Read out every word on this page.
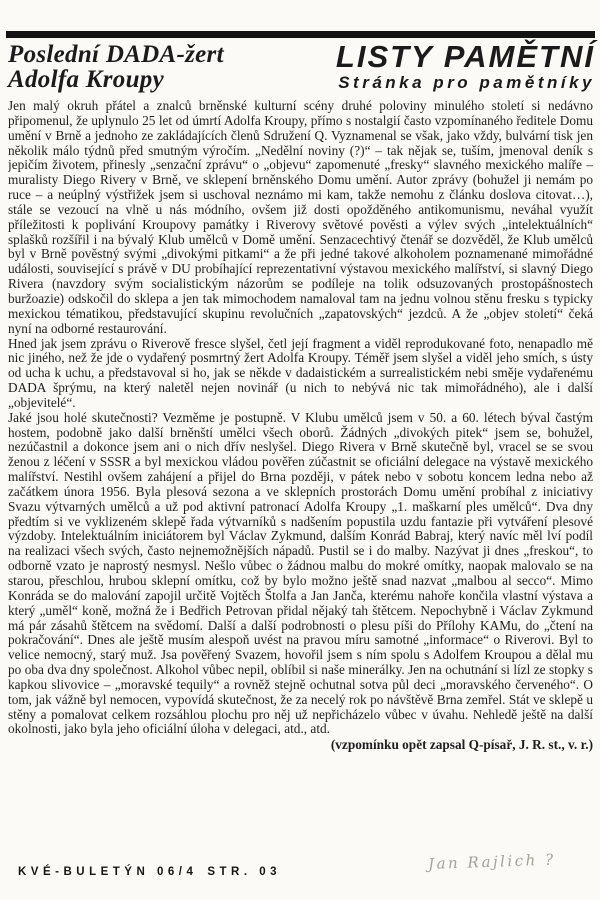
Poslední DADA-žert
Adolfa Kroupy
LISTY PAMĚTNÍ
Stránka pro pamětníky

Jen malý okruh přátel a znalců brněnské kulturní scény druhé poloviny minulého století si nedávno připomenul, že uplynulo 25 let od úmrtí Adolfa Kroupy, přímo s nostalgií často vzpomínaného ředitele Domu umění v Brně a jednoho ze zakládajících členů Sdružení Q. Vyznamenal se však, jako vždy, bulvární tisk jen několik málo týdnů před smutným výročím. „Nedělní noviny (?)“ – tak nějak se, tuším, jmenoval deník s jepičím životem, přinesly „senzační zprávu“ o „objevu“ zapomenuté „fresky“ slavného mexického malíře – muralisty Diego Rivery v Brně, ve sklepení brněnského Domu umění. Autor zprávy (bohužel ji nemám po ruce – a neúplný výstřižek jsem si uschoval neznámo mi kam, takže nemohu z článku doslova citovat…), stále se vezoucí na vlně u nás módního, ovšem již dosti opožděného antikomunismu, neváhal využít příležitosti k poplivání Kroupovy památky i Riverovy světové pověsti a výlev svých „intelektuálních“ splašků rozšířil i na bývalý Klub umělců v Domě umění. Senzacechtivý čtenář se dozvěděl, že Klub umělců byl v Brně pověstný svými „divokými pitkami“ a že při jedné takové alkoholem poznamenané mimořádné události, související s právě v DU probíhající reprezentativní výstavou mexického malířství, si slavný Diego Rivera (navzdory svým socialistickým názorům se podíleje na tolik odsuzovaných prostopášnostech buržoazie) odskočil do sklepa a jen tak mimochodem namaloval tam na jednu volnou stěnu fresku s typicky mexickou tématikou, představující skupinu revolučních „zapatovských“ jezdců. A že „objev století“ čeká nyní na odborné restaurování.

Hned jak jsem zprávu o Riverově fresce slyšel, četl její fragment a viděl reprodukované foto, nenapadlo mě nic jiného, než že jde o vydařený posmrtný žert Adolfa Kroupy. Téměř jsem slyšel a viděl jeho smích, s ústy od ucha k uchu, a představoval si ho, jak se někde v dadaistickém a surrealistickém nebi směje vydařenému DADA šprýmu, na který naletěl nejen novinář (u nich to nebývá nic tak mimořádného), ale i další „objevitelé“.

Jaké jsou holé skutečnosti? Vezměme je postupně. V Klubu umělců jsem v 50. a 60. létech býval častým hostem, podobně jako další brněnští umělci všech oborů. Žádných „divokých pitek“ jsem se, bohužel, nezúčastnil a dokonce jsem ani o nich dřív neslyšel. Diego Rivera v Brně skutečně byl, vracel se se svou ženou z léčení v SSSR a byl mexickou vládou pověřen zúčastnit se oficiální delegace na výstavě mexického malířství. Nestihl ovšem zahájení a přijel do Brna později, v pátek nebo v sobotu koncem ledna nebo až začátkem února 1956. Byla plesová sezona a ve sklepních prostorách Domu umění probíhal z iniciativy Svazu výtvarných umělců a už pod aktivní patronací Adolfa Kroupy „1. maškarní ples umělců“. Dva dny předtím si ve vyklizeném sklepě řada výtvarníků s nadšením popustila uzdu fantazie při vytváření plesové výzdoby. Intelektuálním iniciátorem byl Václav Zykmund, dalším Konrád Babraj, který navíc měl lví podíl na realizaci všech svých, často nejnemožnějších nápadů. Pustil se i do malby. Nazývat ji dnes „freskou“, to odborně vzato je naprostý nesmysl. Nešlo vůbec o žádnou malbu do mokré omítky, naopak malovalo se na starou, přeschlou, hrubou sklepní omítku, což by bylo možno ještě snad nazvat „malbou al secco“. Mimo Konráda se do malování zapojil určitě Vojtěch Štolfa a Jan Janča, kterému nahoře končila vlastní výstava a který „uměl“ koně, možná že i Bedřich Petrovan přidal nějaký tah štětcem. Nepochybně i Václav Zykmund má pár zásahů štětcem na svědomí. Další a další podrobnosti o plesu píši do Přílohy KAMu, do „čtení na pokračování“. Dnes ale ještě musím alespoň uvést na pravou míru samotné „informace“ o Riverovi. Byl to velice nemocný, starý muž. Jsa pověřený Svazem, hovořil jsem s ním spolu s Adolfem Kroupou a dělal mu po oba dva dny společnost. Alkohol vůbec nepil, oblíbil si naše minerálky. Jen na ochutnání si lízl ze stopky s kapkou slivovice – „moravské tequily“ a rovněž stejně ochutnal sotva půl deci „moravského červeného“. O tom, jak vážně byl nemocen, vypovídá skutečnost, že za necelý rok po návštěvě Brna zemřel. Stát ve sklepě u stěny a pomalovat celkem rozsáhlou plochu pro něj už nepřicházelo vůbec v úvahu. Nehledě ještě na další okolnosti, jako byla jeho oficiální úloha v delegaci, atd., atd.

(vzpomínku opět zapsal Q-písař, J. R. st., v. r.)
KVÉ-BULETÝN 06/4 STR. 03	Jan Rajlich ?
